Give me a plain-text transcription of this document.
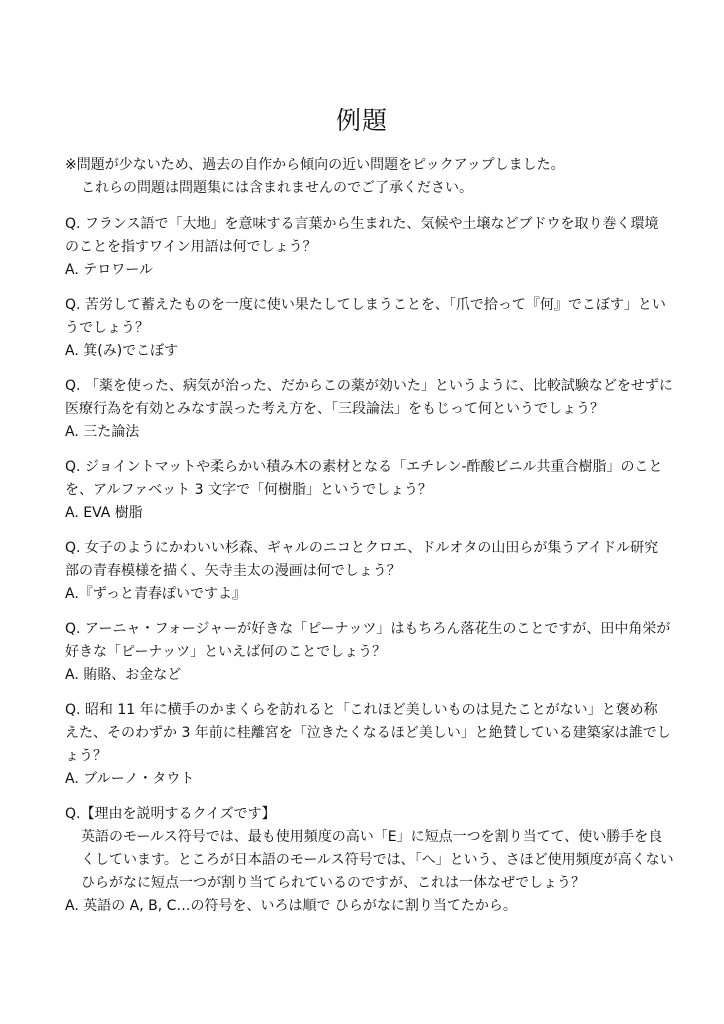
例題
※問題が少ないため、過去の自作から傾向の近い問題をピックアップしました。
これらの問題は問題集には含まれませんのでご了承ください。
Q. フランス語で「大地」を意味する言葉から生まれた、気候や土壌などブドウを取り巻く環境
のことを指すワイン用語は何でしょう？
A. テロワール
Q. 苦労して蓄えたものを一度に使い果たしてしまうことを、「爪で拾って『何』でこぼす」とい
うでしょう？
A. 箕(み)でこぼす
Q. 「薬を使った、病気が治った、だからこの薬が効いた」というように、比較試験などをせずに
医療行為を有効とみなす誤った考え方を、「三段論法」をもじって何というでしょう？
A. 三た論法
Q. ジョイントマットや柔らかい積み木の素材となる「エチレン-酢酸ビニル共重合樹脂」のこと
を、アルファベット 3 文字で「何樹脂」というでしょう？
A. EVA 樹脂
Q. 女子のようにかわいい杉森、ギャルのニコとクロエ、ドルオタの山田らが集うアイドル研究
部の青春模様を描く、矢寺圭太の漫画は何でしょう？
A.『ずっと青春ぽいですよ』
Q. アーニャ・フォージャーが好きな「ピーナッツ」はもちろん落花生のことですが、田中角栄が
好きな「ピーナッツ」といえば何のことでしょう？
A. 賄賂、お金など
Q. 昭和 11 年に横手のかまくらを訪れると「これほど美しいものは見たことがない」と褒め称
えた、そのわずか 3 年前に桂離宮を「泣きたくなるほど美しい」と絶賛している建築家は誰でし
ょう？
A. ブルーノ・タウト
Q.【理由を説明するクイズです】
英語のモールス符号では、最も使用頻度の高い「E」に短点一つを割り当てて、使い勝手を良
くしています。ところが日本語のモールス符号では、「へ」という、さほど使用頻度が高くない
ひらがなに短点一つが割り当てられているのですが、これは一体なぜでしょう？
A. 英語の A, B, C…の符号を、いろは順で ひらがなに割り当てたから。
